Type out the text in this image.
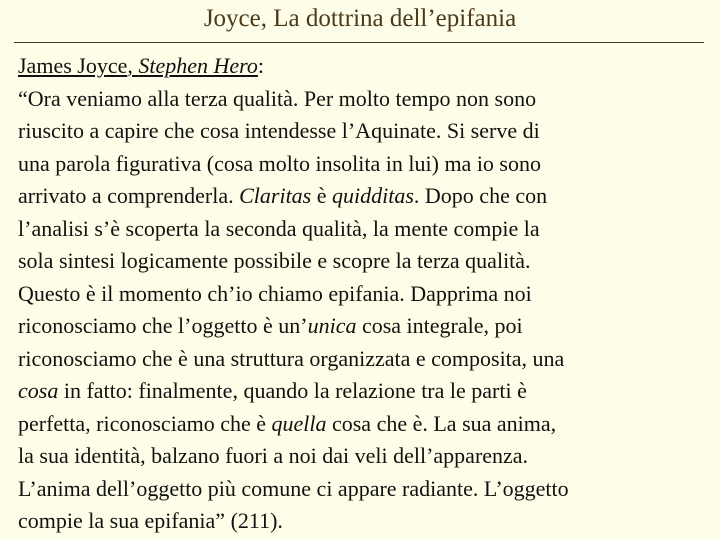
Joyce, La dottrina dell’epifania
James Joyce, Stephen Hero:
“Ora veniamo alla terza qualità. Per molto tempo non sono
riuscito a capire che cosa intendesse l’Aquinate. Si serve di
una parola figurativa (cosa molto insolita in lui) ma io sono
arrivato a comprenderla. Claritas è quidditas. Dopo che con
l’analisi s’è scoperta la seconda qualità, la mente compie la
sola sintesi logicamente possibile e scopre la terza qualità.
Questo è il momento ch’io chiamo epifania. Dapprima noi
riconosciamo che l’oggetto è un’unica cosa integrale, poi
riconosciamo che è una struttura organizzata e composita, una
cosa in fatto: finalmente, quando la relazione tra le parti è
perfetta, riconosciamo che è quella cosa che è. La sua anima,
la sua identità, balzano fuori a noi dai veli dell’apparenza.
L’anima dell’oggetto più comune ci appare radiante. L’oggetto
compie la sua epifania” (211).
